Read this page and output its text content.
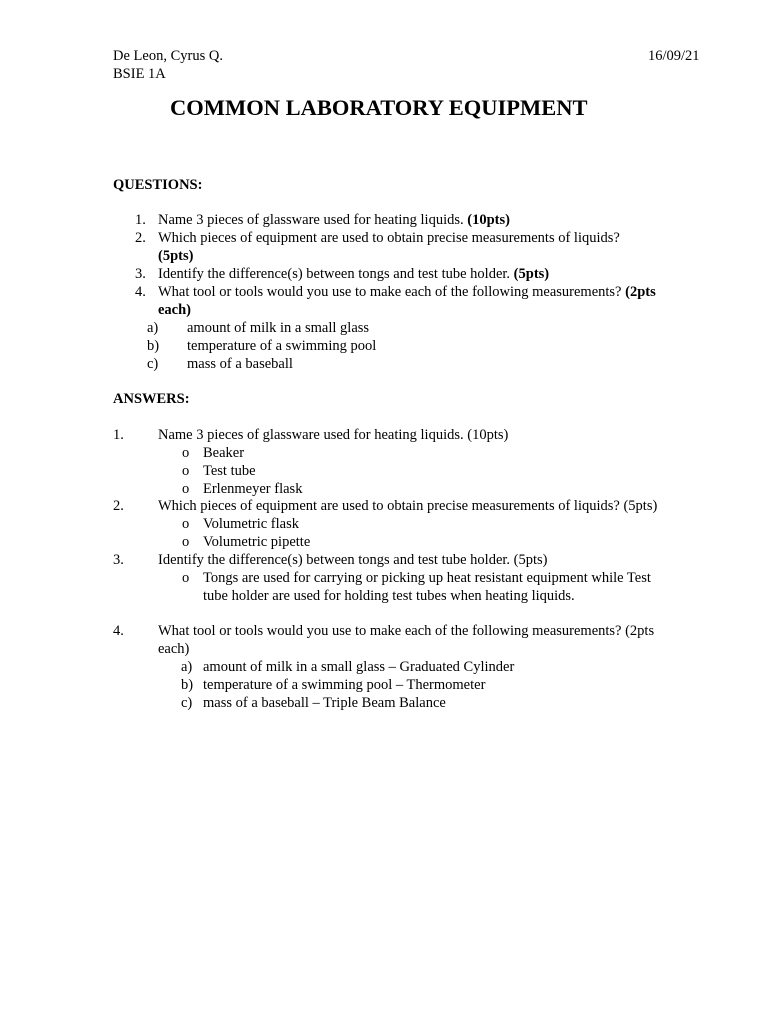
De Leon, Cyrus Q.	16/09/21
BSIE 1A
COMMON LABORATORY EQUIPMENT
QUESTIONS:
1. Name 3 pieces of glassware used for heating liquids. (10pts)
2. Which pieces of equipment are used to obtain precise measurements of liquids?
(5pts)
3. Identify the difference(s) between tongs and test tube holder. (5pts)
4. What tool or tools would you use to make each of the following measurements? (2pts
each)
a) amount of milk in a small glass
b) temperature of a swimming pool
c) mass of a baseball
ANSWERS:
1. Name 3 pieces of glassware used for heating liquids. (10pts)
o Beaker
o Test tube
o Erlenmeyer flask
2. Which pieces of equipment are used to obtain precise measurements of liquids? (5pts)
o Volumetric flask
o Volumetric pipette
3. Identify the difference(s) between tongs and test tube holder. (5pts)
o Tongs are used for carrying or picking up heat resistant equipment while Test
tube holder are used for holding test tubes when heating liquids.
4. What tool or tools would you use to make each of the following measurements? (2pts
each)
a) amount of milk in a small glass – Graduated Cylinder
b) temperature of a swimming pool – Thermometer
c) mass of a baseball – Triple Beam Balance
